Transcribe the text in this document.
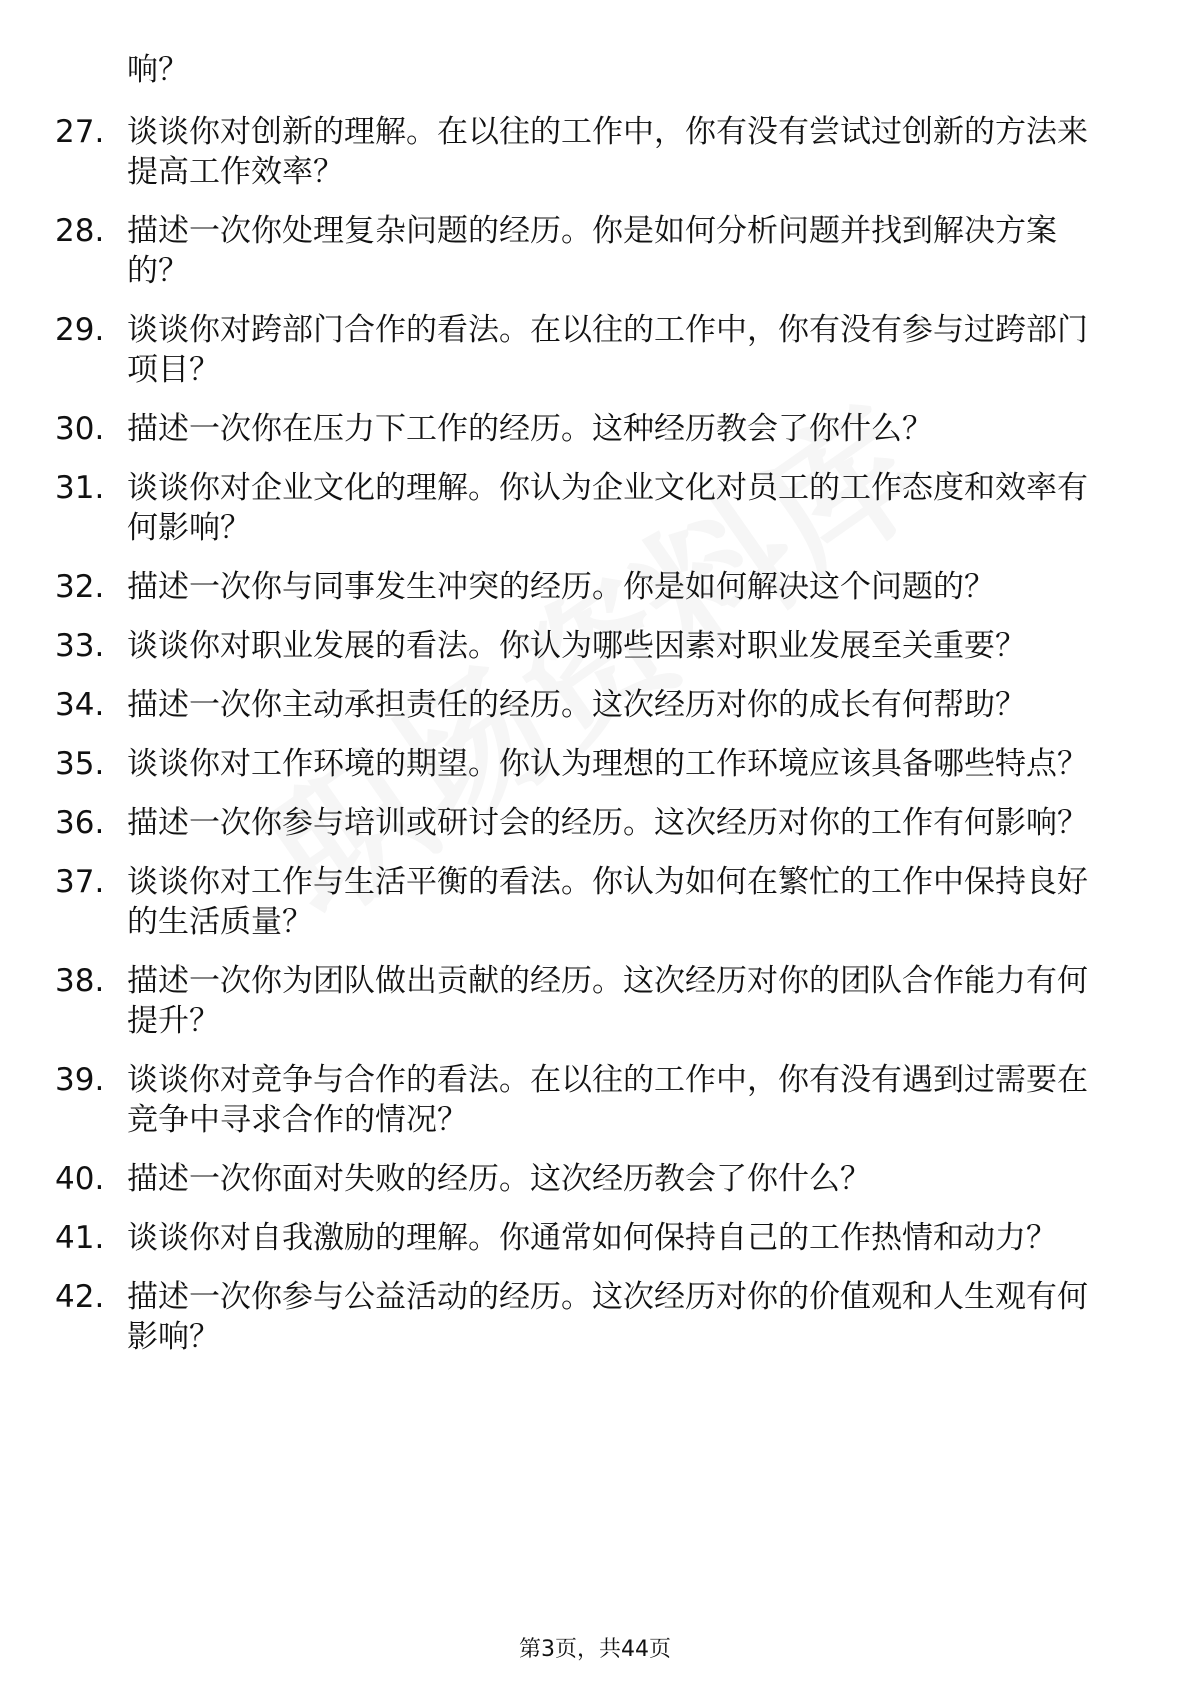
响？
27. 谈谈你对创新的理解。在以往的工作中，你有没有尝试过创新的方法来提高工作效率？
28. 描述一次你处理复杂问题的经历。你是如何分析问题并找到解决方案的？
29. 谈谈你对跨部门合作的看法。在以往的工作中，你有没有参与过跨部门项目？
30. 描述一次你在压力下工作的经历。这种经历教会了你什么？
31. 谈谈你对企业文化的理解。你认为企业文化对员工的工作态度和效率有何影响？
32. 描述一次你与同事发生冲突的经历。你是如何解决这个问题的？
33. 谈谈你对职业发展的看法。你认为哪些因素对职业发展至关重要？
34. 描述一次你主动承担责任的经历。这次经历对你的成长有何帮助？
35. 谈谈你对工作环境的期望。你认为理想的工作环境应该具备哪些特点？
36. 描述一次你参与培训或研讨会的经历。这次经历对你的工作有何影响？
37. 谈谈你对工作与生活平衡的看法。你认为如何在繁忙的工作中保持良好的生活质量？
38. 描述一次你为团队做出贡献的经历。这次经历对你的团队合作能力有何提升？
39. 谈谈你对竞争与合作的看法。在以往的工作中，你有没有遇到过需要在竞争中寻求合作的情况？
40. 描述一次你面对失败的经历。这次经历教会了你什么？
41. 谈谈你对自我激励的理解。你通常如何保持自己的工作热情和动力？
42. 描述一次你参与公益活动的经历。这次经历对你的价值观和人生观有何影响？
第3页，共44页
